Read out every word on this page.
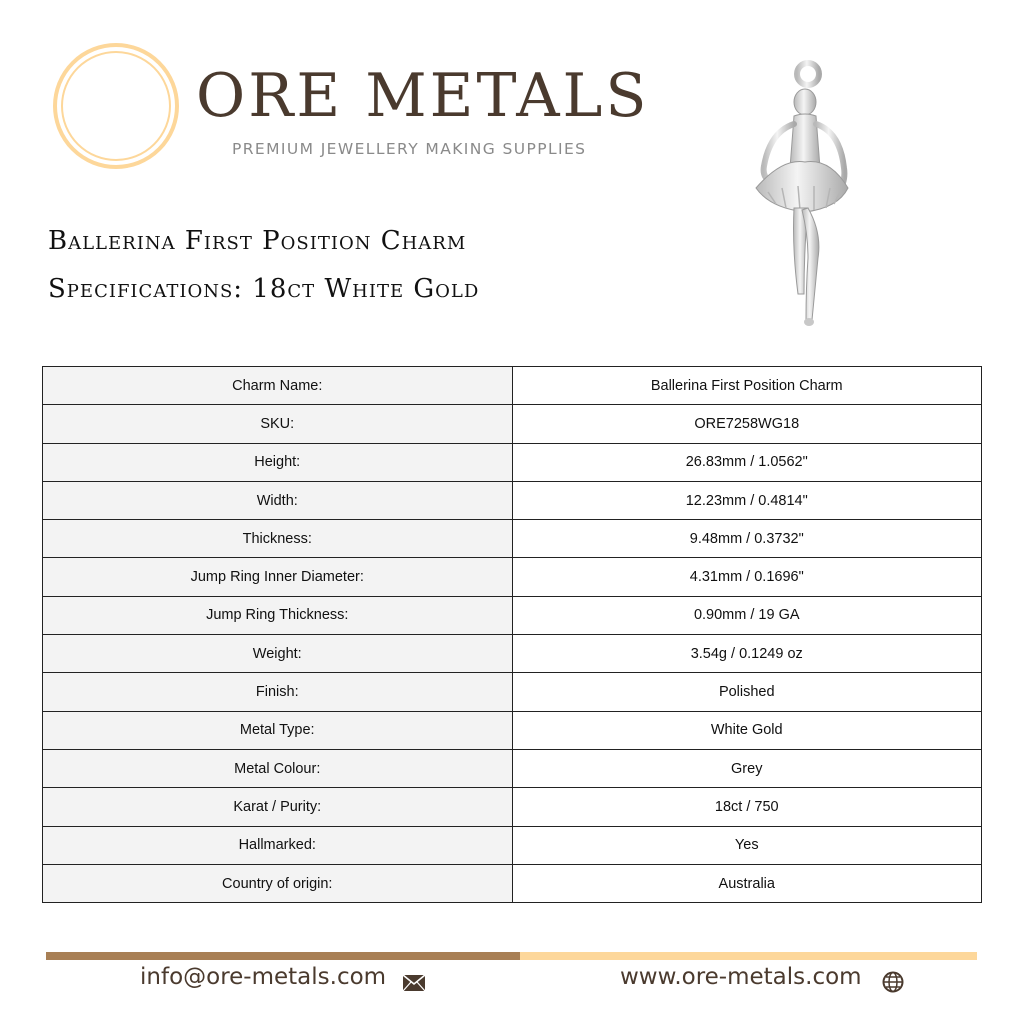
ORE METALS
PREMIUM JEWELLERY MAKING SUPPLIES
Ballerina First Position Charm
Specifications: 18ct White Gold
Charm Name:	Ballerina First Position Charm
SKU:	ORE7258WG18
Height:	26.83mm / 1.0562"
Width:	12.23mm / 0.4814"
Thickness:	9.48mm / 0.3732"
Jump Ring Inner Diameter:	4.31mm / 0.1696"
Jump Ring Thickness:	0.90mm / 19 GA
Weight:	3.54g / 0.1249 oz
Finish:	Polished
Metal Type:	White Gold
Metal Colour:	Grey
Karat / Purity:	18ct / 750
Hallmarked:	Yes
Country of origin:	Australia
info@ore-metals.com	www.ore-metals.com
